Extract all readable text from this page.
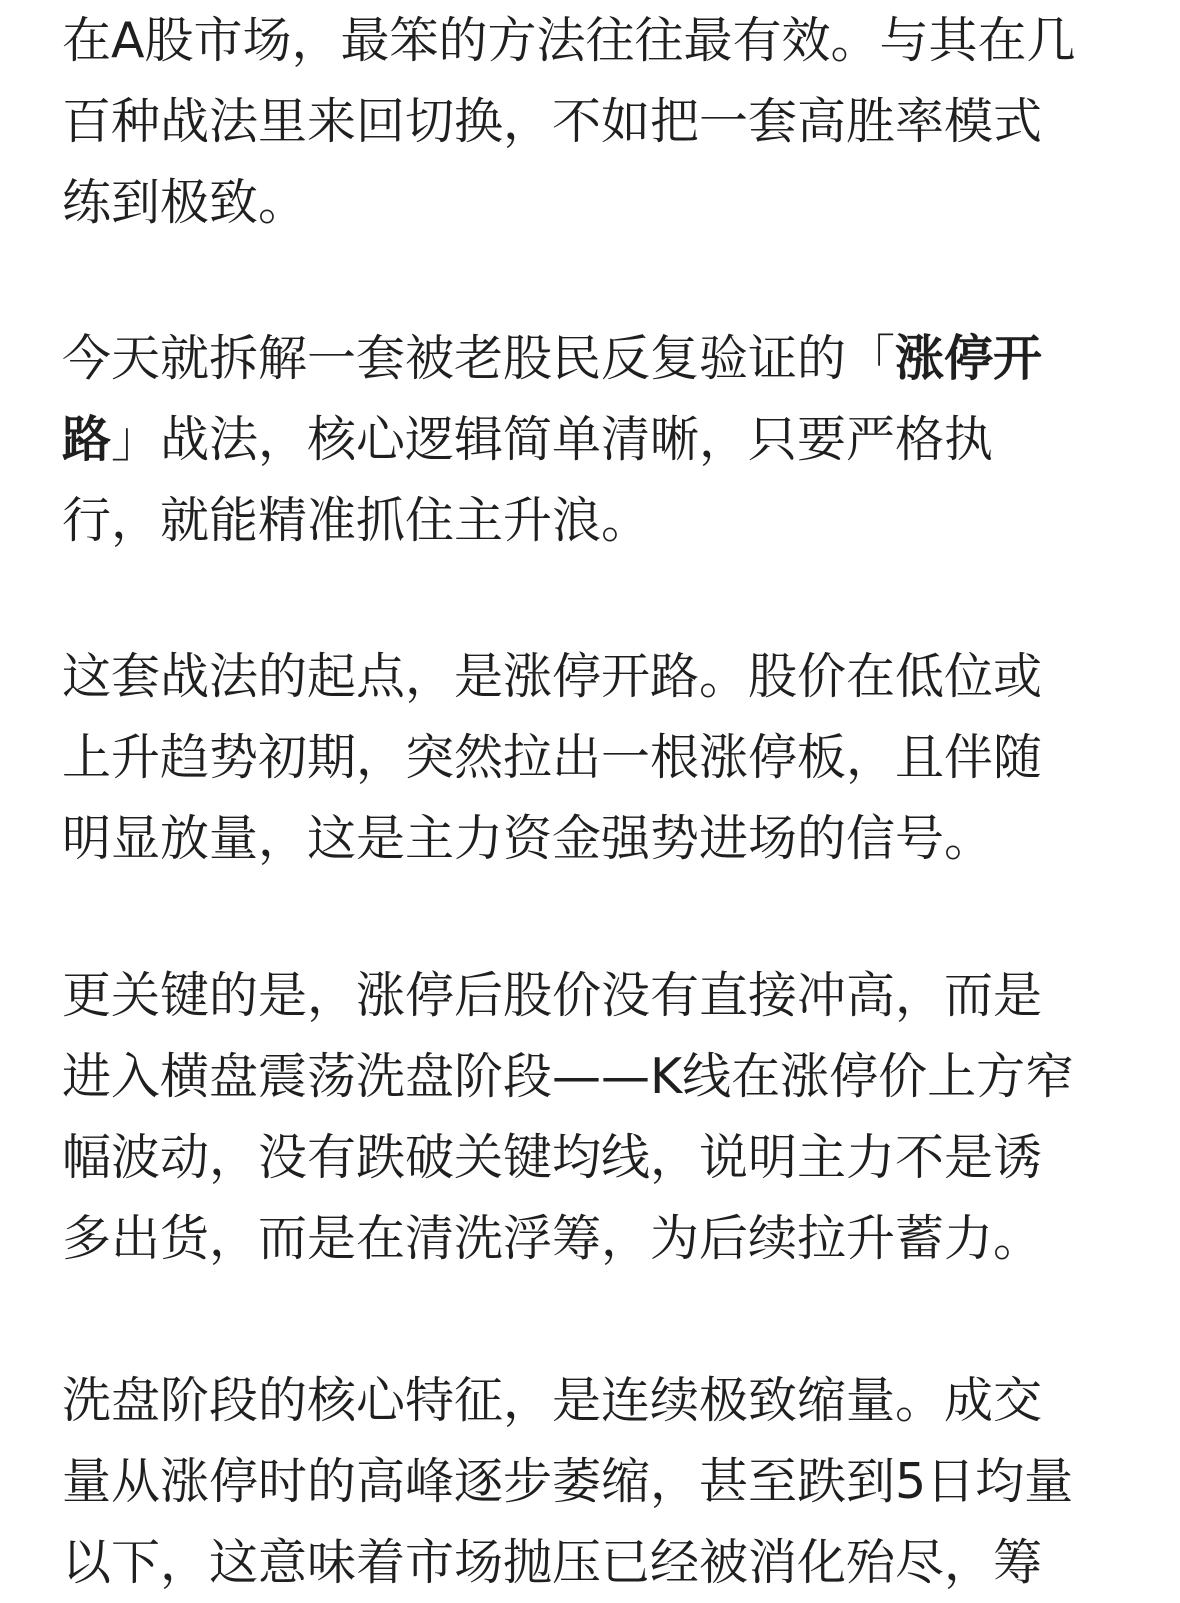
在A股市场，最笨的方法往往最有效。与其在几
百种战法里来回切换，不如把一套高胜率模式
练到极致。
今天就拆解一套被老股民反复验证的「涨停开
路」战法，核心逻辑简单清晰，只要严格执
行，就能精准抓住主升浪。
这套战法的起点，是涨停开路。股价在低位或
上升趋势初期，突然拉出一根涨停板，且伴随
明显放量，这是主力资金强势进场的信号。
更关键的是，涨停后股价没有直接冲高，而是
进入横盘震荡洗盘阶段——K线在涨停价上方窄
幅波动，没有跌破关键均线，说明主力不是诱
多出货，而是在清洗浮筹，为后续拉升蓄力。
洗盘阶段的核心特征，是连续极致缩量。成交
量从涨停时的高峰逐步萎缩，甚至跌到5日均量
以下，这意味着市场抛压已经被消化殆尽，筹
